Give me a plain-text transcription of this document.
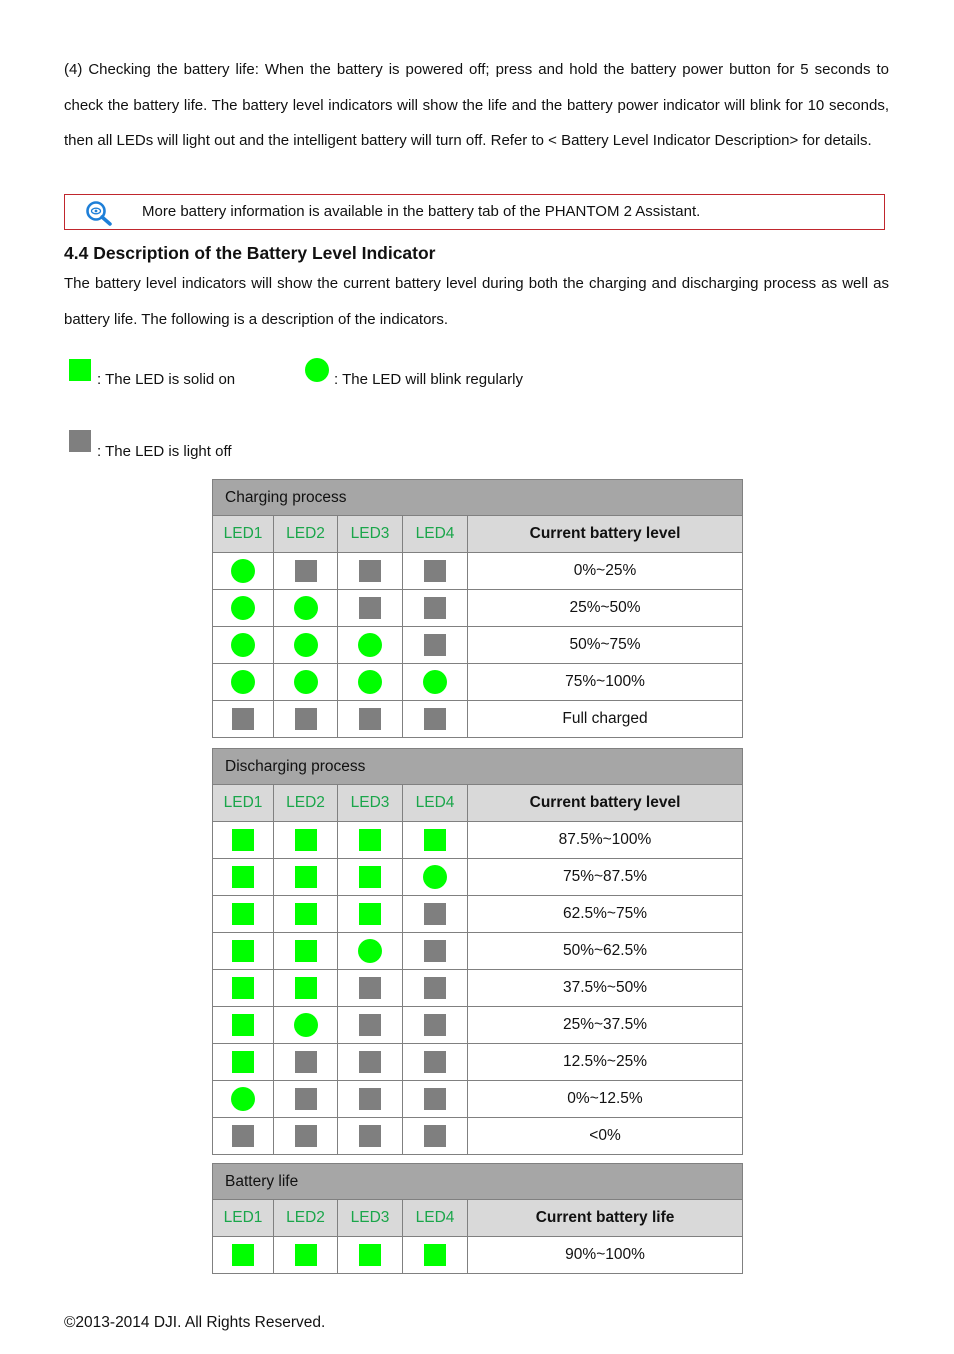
(4) Checking the battery life: When the battery is powered off; press and hold the battery power button for 5 seconds to check the battery life. The battery level indicators will show the life and the battery power indicator will blink for 10 seconds, then all LEDs will light out and the intelligent battery will turn off. Refer to < Battery Level Indicator Description> for details.
More battery information is available in the battery tab of the PHANTOM 2 Assistant.
4.4 Description of the Battery Level Indicator
The battery level indicators will show the current battery level during both the charging and discharging process as well as battery life. The following is a description of the indicators.
: The LED is solid on	: The LED will blink regularly
: The LED is light off
Charging process				
LED1	LED2	LED3	LED4	Current battery level
				0%~25%
				25%~50%
				50%~75%
				75%~100%
				Full charged
Discharging process				
LED1	LED2	LED3	LED4	Current battery level
				87.5%~100%
				75%~87.5%
				62.5%~75%
				50%~62.5%
				37.5%~50%
				25%~37.5%
				12.5%~25%
				0%~12.5%
				<0%
Battery life				
LED1	LED2	LED3	LED4	Current battery life
				90%~100%
©2013-2014 DJI. All Rights Reserved.
